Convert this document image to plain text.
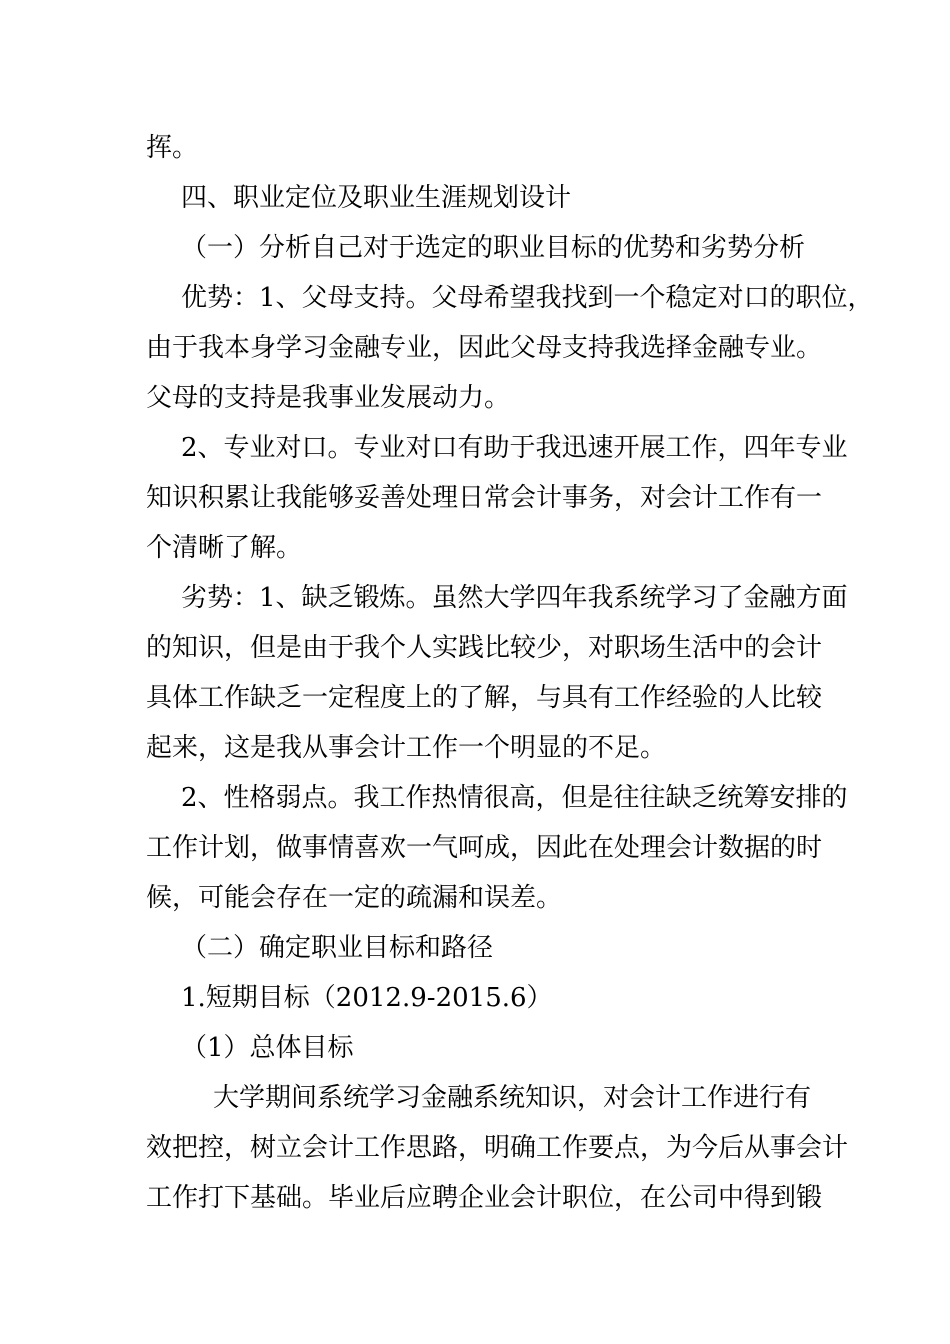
挥。
四、职业定位及职业生涯规划设计
（一）分析自己对于选定的职业目标的优势和劣势分析
优势：1、父母支持。父母希望我找到一个稳定对口的职位，
由于我本身学习金融专业，因此父母支持我选择金融专业。
父母的支持是我事业发展动力。
2、专业对口。专业对口有助于我迅速开展工作，四年专业
知识积累让我能够妥善处理日常会计事务，对会计工作有一
个清晰了解。
劣势：1、缺乏锻炼。虽然大学四年我系统学习了金融方面
的知识，但是由于我个人实践比较少，对职场生活中的会计
具体工作缺乏一定程度上的了解，与具有工作经验的人比较
起来，这是我从事会计工作一个明显的不足。
2、性格弱点。我工作热情很高，但是往往缺乏统筹安排的
工作计划，做事情喜欢一气呵成，因此在处理会计数据的时
候，可能会存在一定的疏漏和误差。
（二）确定职业目标和路径
1.短期目标（2012.9-2015.6）
（1）总体目标
大学期间系统学习金融系统知识，对会计工作进行有
效把控，树立会计工作思路，明确工作要点，为今后从事会计
工作打下基础。毕业后应聘企业会计职位，在公司中得到锻
